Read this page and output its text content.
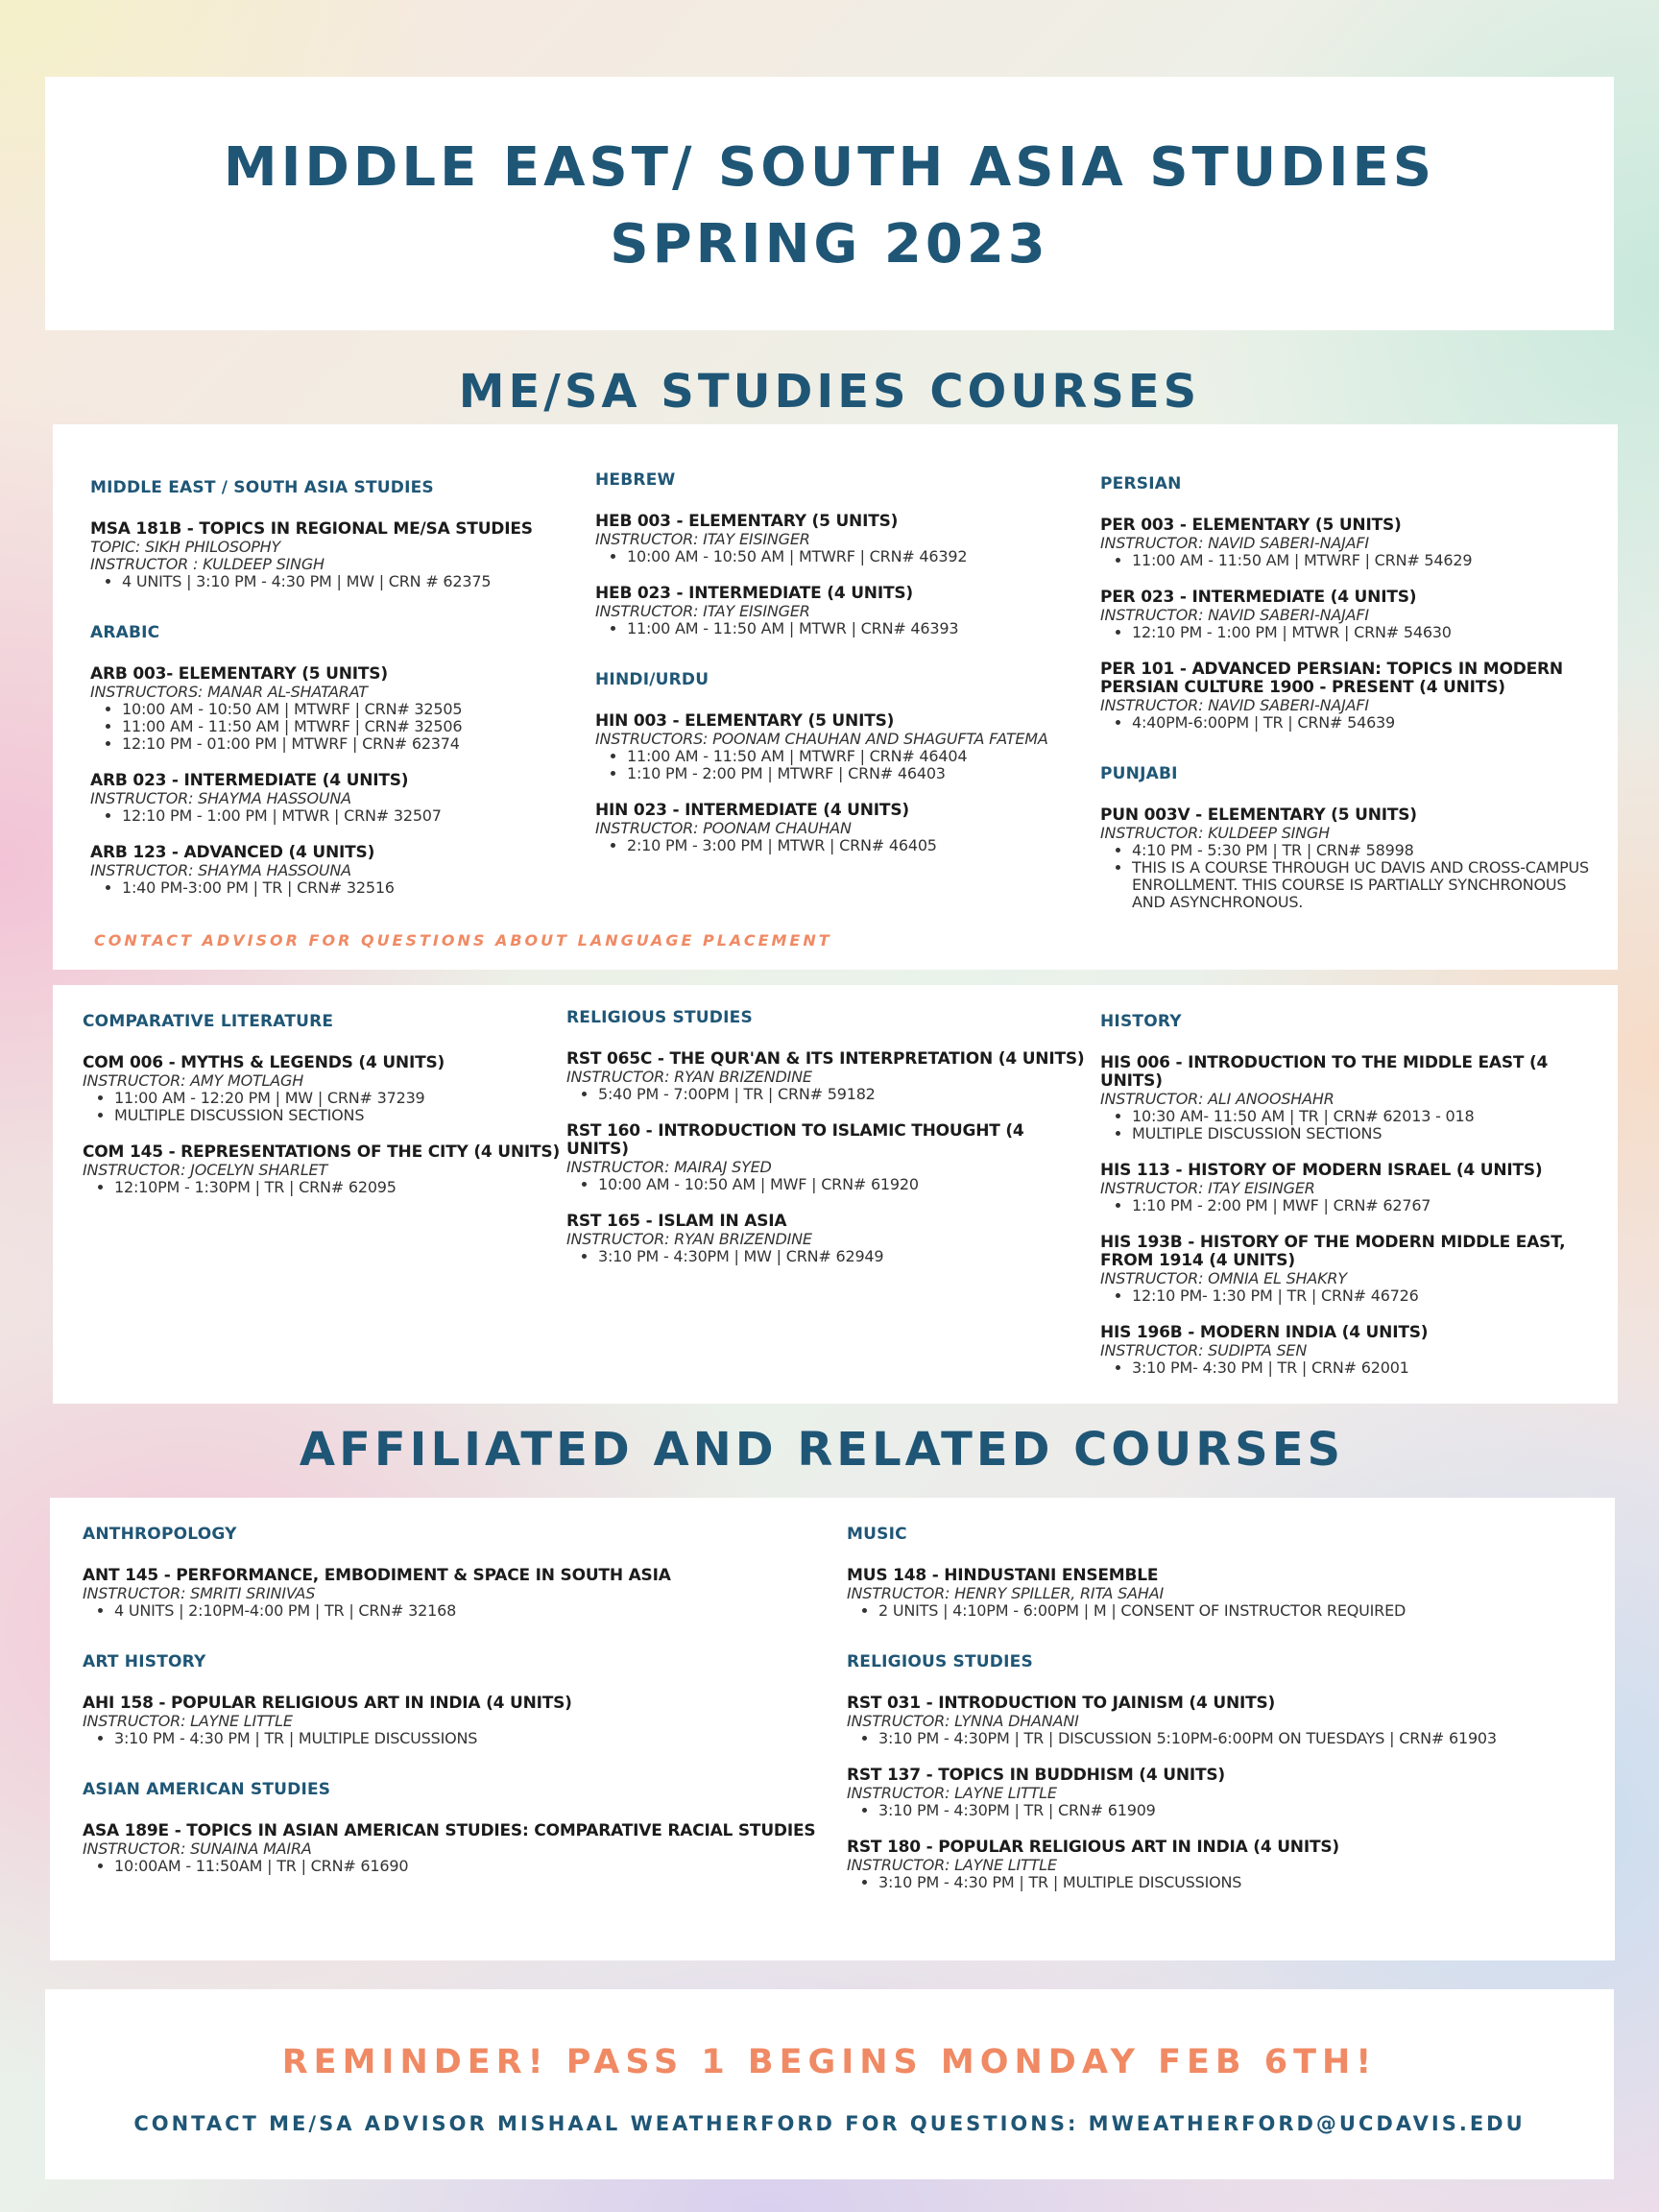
MIDDLE EAST/ SOUTH ASIA STUDIES
SPRING 2023
ME/SA STUDIES COURSES
MIDDLE EAST / SOUTH ASIA STUDIES
MSA 181B - TOPICS IN REGIONAL ME/SA STUDIES
TOPIC: SIKH PHILOSOPHY
INSTRUCTOR : KULDEEP SINGH
• 4 UNITS | 3:10 PM - 4:30 PM | MW | CRN # 62375
ARABIC
ARB 003- ELEMENTARY (5 UNITS)
INSTRUCTORS: MANAR AL-SHATARAT
• 10:00 AM - 10:50 AM | MTWRF | CRN# 32505
• 11:00 AM - 11:50 AM | MTWRF | CRN# 32506
• 12:10 PM - 01:00 PM | MTWRF | CRN# 62374
ARB 023 - INTERMEDIATE (4 UNITS)
INSTRUCTOR: SHAYMA HASSOUNA
• 12:10 PM - 1:00 PM | MTWR | CRN# 32507
ARB 123 - ADVANCED (4 UNITS)
INSTRUCTOR: SHAYMA HASSOUNA
• 1:40 PM-3:00 PM | TR | CRN# 32516
HEBREW
HEB 003 - ELEMENTARY (5 UNITS)
INSTRUCTOR: ITAY EISINGER
• 10:00 AM - 10:50 AM | MTWRF | CRN# 46392
HEB 023 - INTERMEDIATE (4 UNITS)
INSTRUCTOR: ITAY EISINGER
• 11:00 AM - 11:50 AM | MTWR | CRN# 46393
HINDI/URDU
HIN 003 - ELEMENTARY (5 UNITS)
INSTRUCTORS: POONAM CHAUHAN AND SHAGUFTA FATEMA
• 11:00 AM - 11:50 AM | MTWRF | CRN# 46404
• 1:10 PM - 2:00 PM | MTWRF | CRN# 46403
HIN 023 - INTERMEDIATE (4 UNITS)
INSTRUCTOR: POONAM CHAUHAN
• 2:10 PM - 3:00 PM | MTWR | CRN# 46405
PERSIAN
PER 003 - ELEMENTARY (5 UNITS)
INSTRUCTOR: NAVID SABERI-NAJAFI
• 11:00 AM - 11:50 AM | MTWRF | CRN# 54629
PER 023 - INTERMEDIATE (4 UNITS)
INSTRUCTOR: NAVID SABERI-NAJAFI
• 12:10 PM - 1:00 PM | MTWR | CRN# 54630
PER 101 - ADVANCED PERSIAN: TOPICS IN MODERN PERSIAN CULTURE 1900 - PRESENT (4 UNITS)
INSTRUCTOR: NAVID SABERI-NAJAFI
• 4:40PM-6:00PM | TR | CRN# 54639
PUNJABI
PUN 003V - ELEMENTARY (5 UNITS)
INSTRUCTOR: KULDEEP SINGH
• 4:10 PM - 5:30 PM | TR | CRN# 58998
• THIS IS A COURSE THROUGH UC DAVIS AND CROSS-CAMPUS ENROLLMENT. THIS COURSE IS PARTIALLY SYNCHRONOUS AND ASYNCHRONOUS.
CONTACT ADVISOR FOR QUESTIONS ABOUT LANGUAGE PLACEMENT
COMPARATIVE LITERATURE
COM 006 - MYTHS & LEGENDS (4 UNITS)
INSTRUCTOR: AMY MOTLAGH
• 11:00 AM - 12:20 PM | MW | CRN# 37239
• MULTIPLE DISCUSSION SECTIONS
COM 145 - REPRESENTATIONS OF THE CITY (4 UNITS)
INSTRUCTOR: JOCELYN SHARLET
• 12:10PM - 1:30PM | TR | CRN# 62095
RELIGIOUS STUDIES
RST 065C - THE QUR'AN & ITS INTERPRETATION (4 UNITS)
INSTRUCTOR: RYAN BRIZENDINE
• 5:40 PM - 7:00PM | TR | CRN# 59182
RST 160 - INTRODUCTION TO ISLAMIC THOUGHT (4 UNITS)
INSTRUCTOR: MAIRAJ SYED
• 10:00 AM - 10:50 AM | MWF | CRN# 61920
RST 165 - ISLAM IN ASIA
INSTRUCTOR: RYAN BRIZENDINE
• 3:10 PM - 4:30PM | MW | CRN# 62949
HISTORY
HIS 006 - INTRODUCTION TO THE MIDDLE EAST (4 UNITS)
INSTRUCTOR: ALI ANOOSHAHR
• 10:30 AM- 11:50 AM | TR | CRN# 62013 - 018
• MULTIPLE DISCUSSION SECTIONS
HIS 113 - HISTORY OF MODERN ISRAEL (4 UNITS)
INSTRUCTOR: ITAY EISINGER
• 1:10 PM - 2:00 PM | MWF | CRN# 62767
HIS 193B - HISTORY OF THE MODERN MIDDLE EAST, FROM 1914 (4 UNITS)
INSTRUCTOR: OMNIA EL SHAKRY
• 12:10 PM- 1:30 PM | TR | CRN# 46726
HIS 196B - MODERN INDIA (4 UNITS)
INSTRUCTOR: SUDIPTA SEN
• 3:10 PM- 4:30 PM | TR | CRN# 62001
AFFILIATED AND RELATED COURSES
ANTHROPOLOGY
ANT 145 - PERFORMANCE, EMBODIMENT & SPACE IN SOUTH ASIA
INSTRUCTOR: SMRITI SRINIVAS
• 4 UNITS | 2:10PM-4:00 PM | TR | CRN# 32168
ART HISTORY
AHI 158 - POPULAR RELIGIOUS ART IN INDIA (4 UNITS)
INSTRUCTOR: LAYNE LITTLE
• 3:10 PM - 4:30 PM | TR | MULTIPLE DISCUSSIONS
ASIAN AMERICAN STUDIES
ASA 189E - TOPICS IN ASIAN AMERICAN STUDIES: COMPARATIVE RACIAL STUDIES
INSTRUCTOR: SUNAINA MAIRA
• 10:00AM - 11:50AM | TR | CRN# 61690
MUSIC
MUS 148 - HINDUSTANI ENSEMBLE
INSTRUCTOR: HENRY SPILLER, RITA SAHAI
• 2 UNITS | 4:10PM - 6:00PM | M | CONSENT OF INSTRUCTOR REQUIRED
RELIGIOUS STUDIES
RST 031 - INTRODUCTION TO JAINISM (4 UNITS)
INSTRUCTOR: LYNNA DHANANI
• 3:10 PM - 4:30PM | TR | DISCUSSION 5:10PM-6:00PM ON TUESDAYS | CRN# 61903
RST 137 - TOPICS IN BUDDHISM (4 UNITS)
INSTRUCTOR: LAYNE LITTLE
• 3:10 PM - 4:30PM | TR | CRN# 61909
RST 180 - POPULAR RELIGIOUS ART IN INDIA (4 UNITS)
INSTRUCTOR: LAYNE LITTLE
• 3:10 PM - 4:30 PM | TR | MULTIPLE DISCUSSIONS
REMINDER! PASS 1 BEGINS MONDAY FEB 6TH!
CONTACT ME/SA ADVISOR MISHAAL WEATHERFORD FOR QUESTIONS: MWEATHERFORD@UCDAVIS.EDU
